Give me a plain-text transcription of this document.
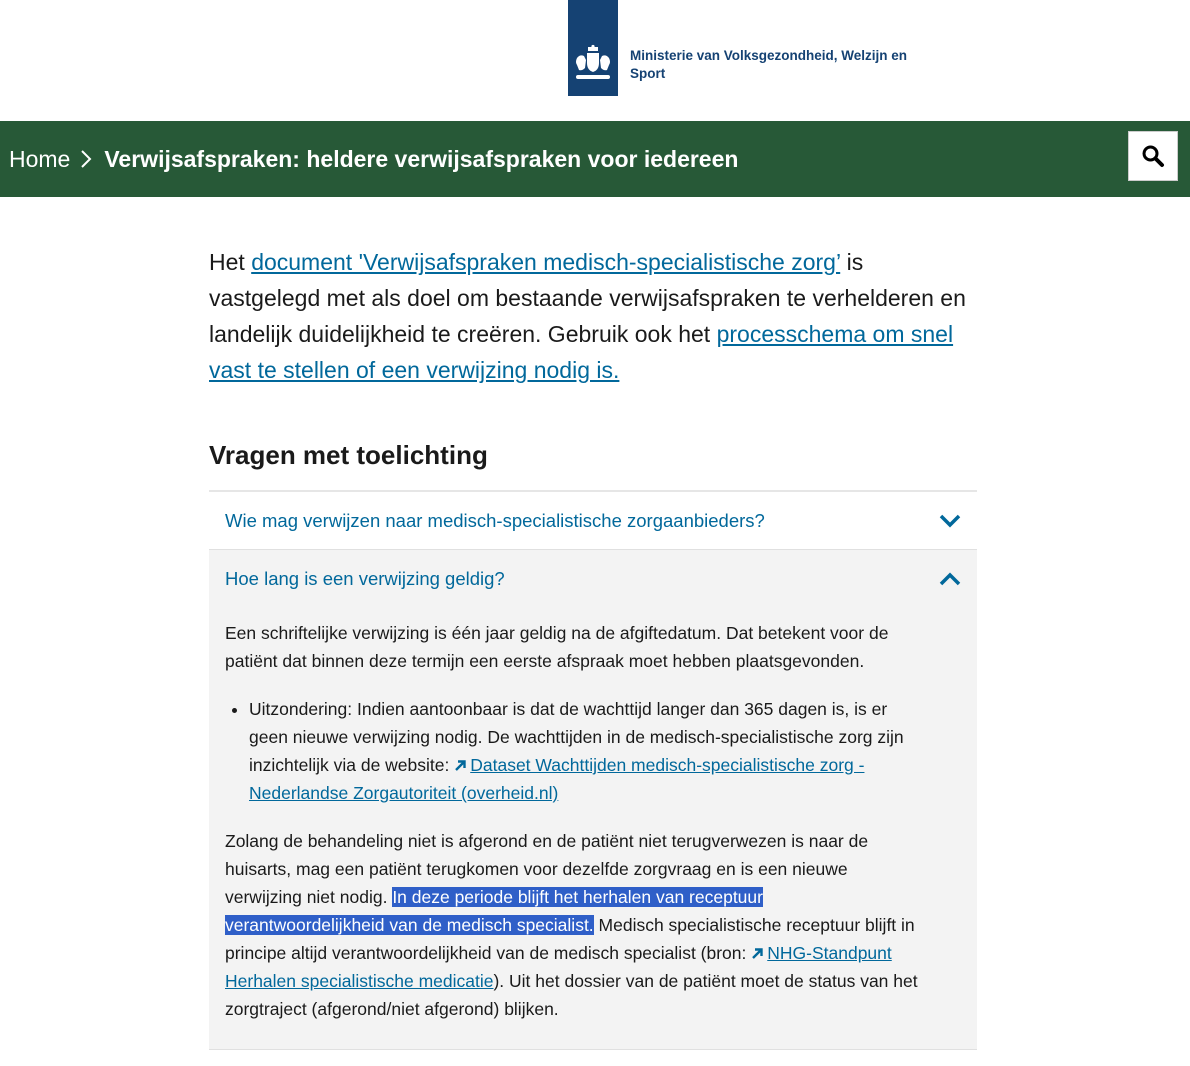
Ministerie van Volksgezondheid, Welzijn en
Sport
Home Verwijsafspraken: heldere verwijsafspraken voor iedereen

Het document 'Verwijsafspraken medisch-specialistische zorg’ is vastgelegd met als doel om bestaande verwijsafspraken te verhelderen en landelijk duidelijkheid te creëren. Gebruik ook het processchema om snel vast te stellen of een verwijzing nodig is.

Vragen met toelichting
Wie mag verwijzen naar medisch-specialistische zorgaanbieders?
Hoe lang is een verwijzing geldig?

Een schriftelijke verwijzing is één jaar geldig na de afgiftedatum. Dat betekent voor de patiënt dat binnen deze termijn een eerste afspraak moet hebben plaatsgevonden.

• Uitzondering: Indien aantoonbaar is dat de wachttijd langer dan 365 dagen is, is er geen nieuwe verwijzing nodig. De wachttijden in de medisch-specialistische zorg zijn inzichtelijk via de website: Dataset Wachttijden medisch-specialistische zorg - Nederlandse Zorgautoriteit (overheid.nl)

Zolang de behandeling niet is afgerond en de patiënt niet terugverwezen is naar de huisarts, mag een patiënt terugkomen voor dezelfde zorgvraag en is een nieuwe verwijzing niet nodig. In deze periode blijft het herhalen van receptuur verantwoordelijkheid van de medisch specialist. Medisch specialistische receptuur blijft in principe altijd verantwoordelijkheid van de medisch specialist (bron: NHG-Standpunt Herhalen specialistische medicatie). Uit het dossier van de patiënt moet de status van het zorgtraject (afgerond/niet afgerond) blijken.
